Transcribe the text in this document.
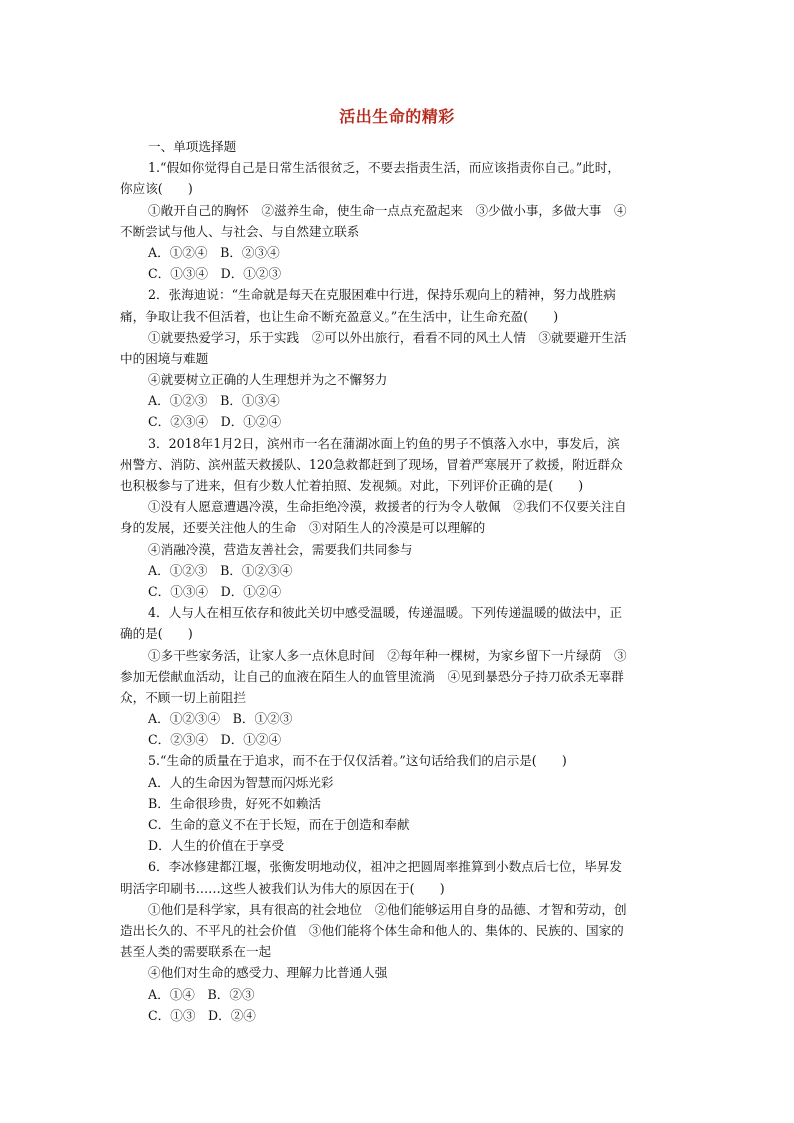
活出生命的精彩
一、单项选择题
1.“假如你觉得自己是日常生活很贫乏，不要去指责生活，而应该指责你自己。”此时，
你应该(　　)
①敞开自己的胸怀　②滋养生命，使生命一点点充盈起来　③少做小事，多做大事　④
不断尝试与他人、与社会、与自然建立联系
A．①②④　B．②③④
C．①③④　D．①②③
2．张海迪说：“生命就是每天在克服困难中行进，保持乐观向上的精神，努力战胜病
痛，争取让我不但活着，也让生命不断充盈意义。”在生活中，让生命充盈(　　)
①就要热爱学习，乐于实践　②可以外出旅行，看看不同的风土人情　③就要避开生活
中的困境与难题
④就要树立正确的人生理想并为之不懈努力
A．①②③　B．①③④
C．②③④　D．①②④
3．2018年1月2日，滨州市一名在蒲湖冰面上钓鱼的男子不慎落入水中，事发后，滨
州警方、消防、滨州蓝天救援队、120急救都赶到了现场，冒着严寒展开了救援，附近群众
也积极参与了进来，但有少数人忙着拍照、发视频。对此，下列评价正确的是(　　)
①没有人愿意遭遇冷漠，生命拒绝冷漠，救援者的行为令人敬佩　②我们不仅要关注自
身的发展，还要关注他人的生命　③对陌生人的冷漠是可以理解的
④消融冷漠，营造友善社会，需要我们共同参与
A．①②③　B．①②③④
C．①③④　D．①②④
4．人与人在相互依存和彼此关切中感受温暖，传递温暖。下列传递温暖的做法中，正
确的是(　　)
①多干些家务活，让家人多一点休息时间　②每年种一棵树，为家乡留下一片绿荫　③
参加无偿献血活动，让自己的血液在陌生人的血管里流淌　④见到暴恐分子持刀砍杀无辜群
众，不顾一切上前阻拦
A．①②③④　B．①②③
C．②③④　D．①②④
5.“生命的质量在于追求，而不在于仅仅活着。”这句话给我们的启示是(　　)
A．人的生命因为智慧而闪烁光彩
B．生命很珍贵，好死不如赖活
C．生命的意义不在于长短，而在于创造和奉献
D．人生的价值在于享受
6．李冰修建都江堰，张衡发明地动仪，祖冲之把圆周率推算到小数点后七位，毕昇发
明活字印刷书……这些人被我们认为伟大的原因在于(　　)
①他们是科学家，具有很高的社会地位　②他们能够运用自身的品德、才智和劳动，创
造出长久的、不平凡的社会价值　③他们能将个体生命和他人的、集体的、民族的、国家的
甚至人类的需要联系在一起
④他们对生命的感受力、理解力比普通人强
A．①④　B．②③
C．①③　D．②④
